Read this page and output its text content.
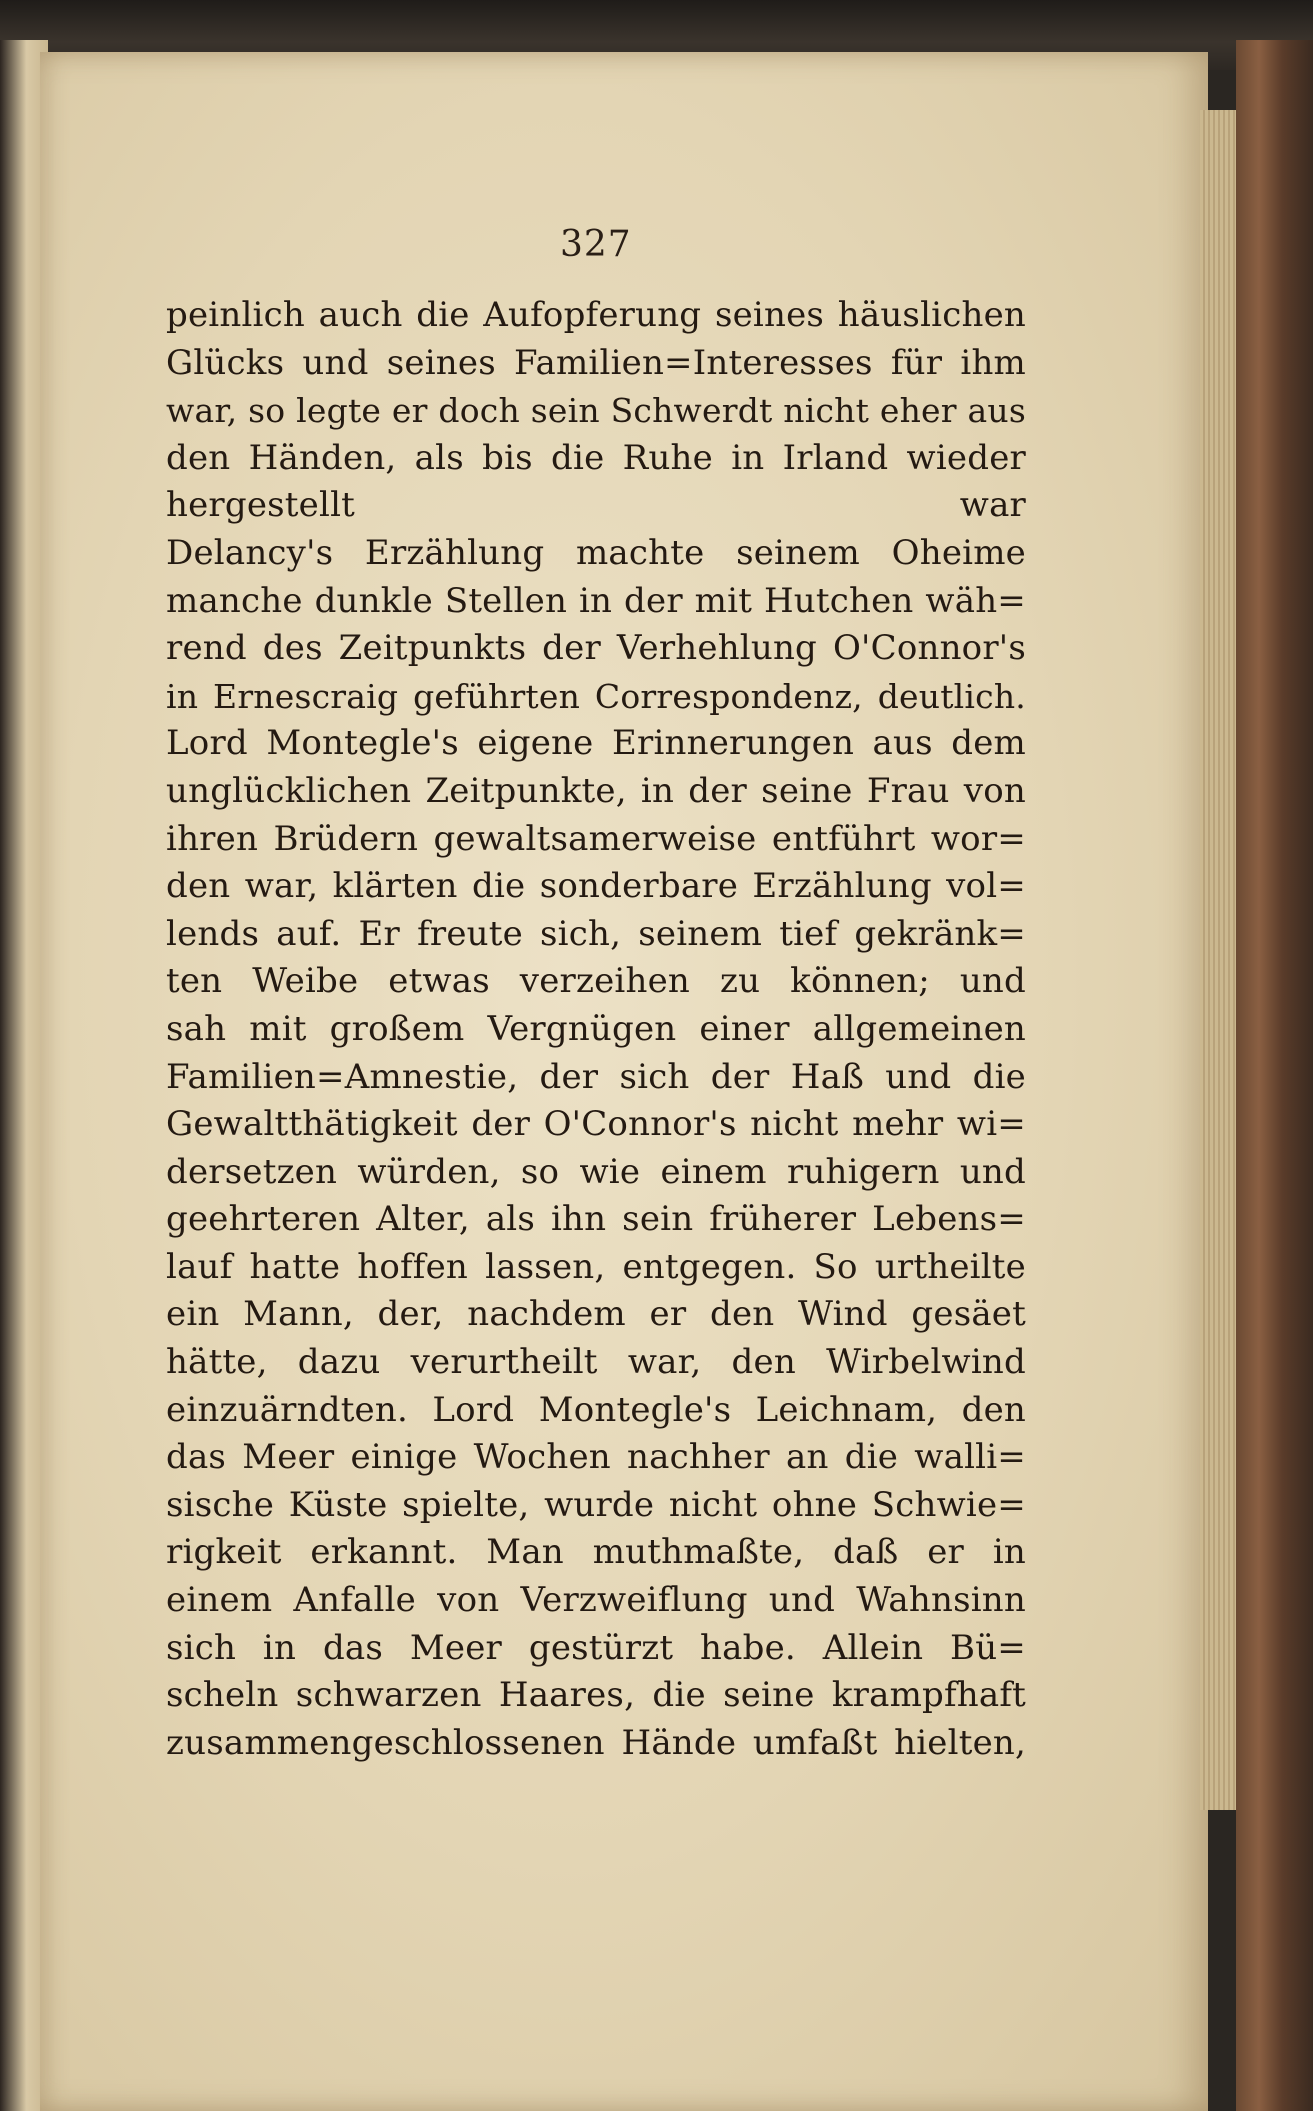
327
peinlich auch die Aufopferung seines häuslichen
Glücks und seines Familien=Interesses für ihm
war, so legte er doch sein Schwerdt nicht eher aus
den Händen, als bis die Ruhe in Irland wieder
hergestellt war
Delancy's Erzählung machte seinem Oheime
manche dunkle Stellen in der mit Hutchen wäh=
rend des Zeitpunkts der Verhehlung O'Connor's
in Ernescraig geführten Correspondenz, deutlich.
Lord Montegle's eigene Erinnerungen aus dem
unglücklichen Zeitpunkte, in der seine Frau von
ihren Brüdern gewaltsamerweise entführt wor=
den war, klärten die sonderbare Erzählung vol=
lends auf. Er freute sich, seinem tief gekränk=
ten Weibe etwas verzeihen zu können; und
sah mit großem Vergnügen einer allgemeinen
Familien=Amnestie, der sich der Haß und die
Gewaltthätigkeit der O'Connor's nicht mehr wi=
dersetzen würden, so wie einem ruhigern und
geehrteren Alter, als ihn sein früherer Lebens=
lauf hatte hoffen lassen, entgegen. So urtheilte
ein Mann, der, nachdem er den Wind gesäet
hätte, dazu verurtheilt war, den Wirbelwind
einzuärndten. Lord Montegle's Leichnam, den
das Meer einige Wochen nachher an die walli=
sische Küste spielte, wurde nicht ohne Schwie=
rigkeit erkannt. Man muthmaßte, daß er in
einem Anfalle von Verzweiflung und Wahnsinn
sich in das Meer gestürzt habe. Allein Bü=
scheln schwarzen Haares, die seine krampfhaft
zusammengeschlossenen Hände umfaßt hielten,
